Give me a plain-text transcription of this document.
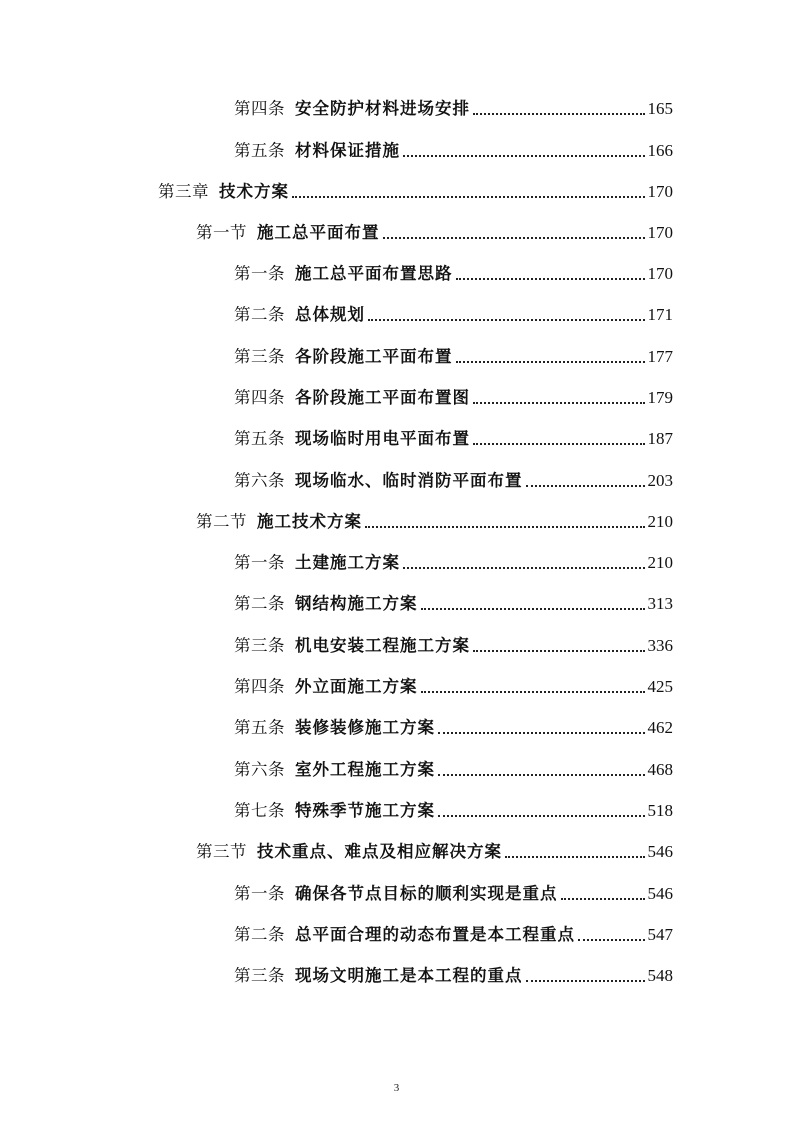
第四条 安全防护材料进场安排	165
第五条 材料保证措施	166
第三章 技术方案	170
第一节 施工总平面布置	170
第一条 施工总平面布置思路	170
第二条 总体规划	171
第三条 各阶段施工平面布置	177
第四条 各阶段施工平面布置图	179
第五条 现场临时用电平面布置	187
第六条 现场临水、临时消防平面布置	203
第二节 施工技术方案	210
第一条 土建施工方案	210
第二条 钢结构施工方案	313
第三条 机电安装工程施工方案	336
第四条 外立面施工方案	425
第五条 装修装修施工方案	462
第六条 室外工程施工方案	468
第七条 特殊季节施工方案	518
第三节 技术重点、难点及相应解决方案	546
第一条 确保各节点目标的顺利实现是重点	546
第二条 总平面合理的动态布置是本工程重点	547
第三条 现场文明施工是本工程的重点	548
3
